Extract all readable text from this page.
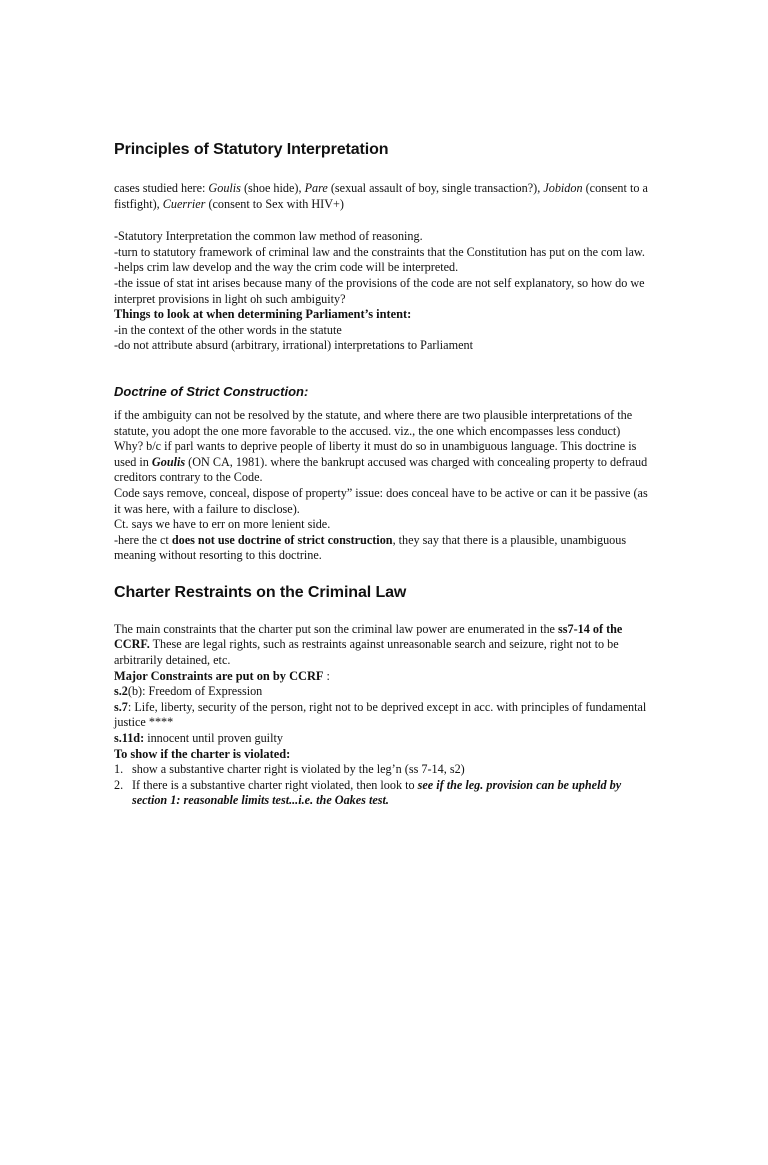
Principles of Statutory Interpretation

cases studied here: Goulis (shoe hide), Pare (sexual assault of boy, single transaction?), Jobidon (consent to a fistfight), Cuerrier (consent to Sex with HIV+)

-Statutory Interpretation the common law method of reasoning.

-turn to statutory framework of criminal law and the constraints that the Constitution has put on the com law.

-helps crim law develop and the way the crim code will be interpreted.

-the issue of stat int arises because many of the provisions of the code are not self explanatory, so how do we interpret provisions in light oh such ambiguity?

Things to look at when determining Parliament’s intent:

-in the context of the other words in the statute

-do not attribute absurd (arbitrary, irrational) interpretations to Parliament

Doctrine of Strict Construction:

if the ambiguity can not be resolved by the statute, and where there are two plausible interpretations of the statute, you adopt the one more favorable to the accused. viz., the one which encompasses less conduct)

Why? b/c if parl wants to deprive people of liberty it must do so in unambiguous language. This doctrine is used in Goulis (ON CA, 1981). where the bankrupt accused was charged with concealing property to defraud creditors contrary to the Code.

Code says remove, conceal, dispose of property” issue: does conceal have to be active or can it be passive (as it was here, with a failure to disclose).

Ct. says we have to err on more lenient side.

-here the ct does not use doctrine of strict construction, they say that there is a plausible, unambiguous meaning without resorting to this doctrine.

Charter Restraints on the Criminal Law

The main constraints that the charter put son the criminal law power are enumerated in the ss7-14 of the CCRF. These are legal rights, such as restraints against unreasonable search and seizure, right not to be arbitrarily detained, etc.

Major Constraints are put on by CCRF :

s.2(b): Freedom of Expression

s.7: Life, liberty, security of the person, right not to be deprived except in acc. with principles of fundamental justice ****

s.11d: innocent until proven guilty

To show if the charter is violated:

1. show a substantive charter right is violated by the leg’n (ss 7-14, s2)
2. If there is a substantive charter right violated, then look to see if the leg. provision can be upheld by section 1: reasonable limits test...i.e. the Oakes test.
